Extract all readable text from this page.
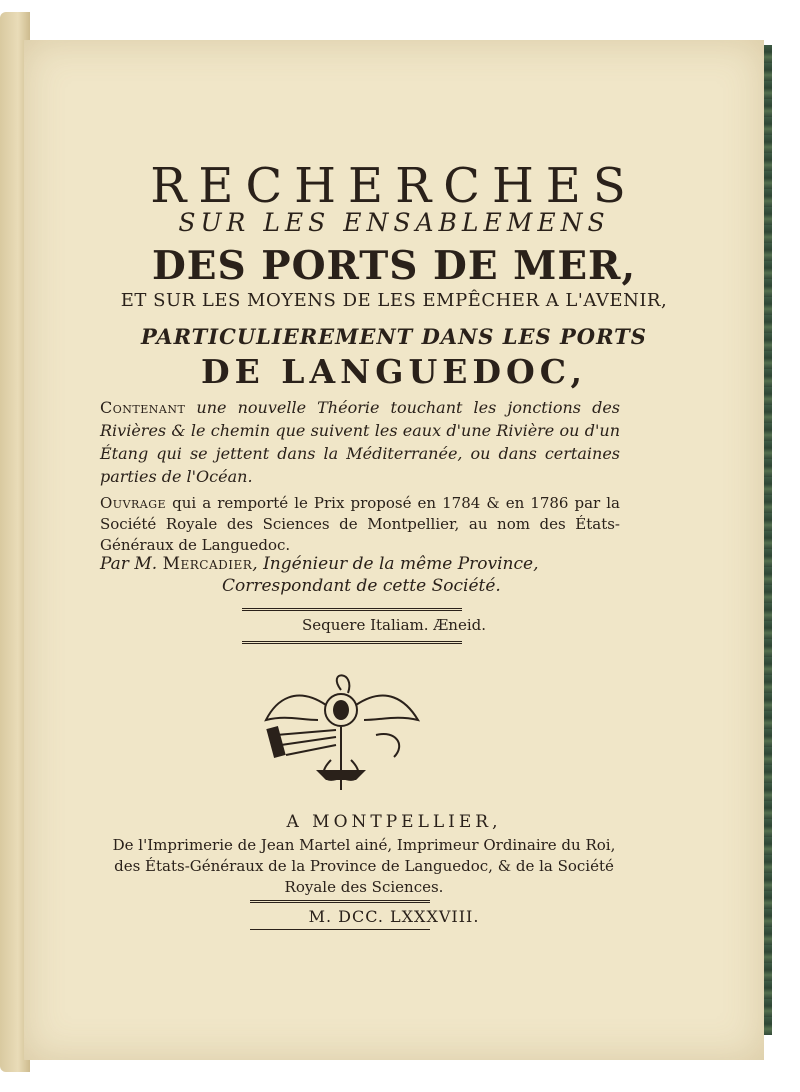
RECHERCHES
SUR LES ENSABLEMENS
DES PORTS DE MER,
ET SUR LES MOYENS DE LES EMPÊCHER A L'AVENIR,
PARTICULIEREMENT DANS LES PORTS
DE LANGUEDOC,
Contenant une nouvelle Théorie touchant les jonctions des Rivières & le chemin que suivent les eaux d'une Rivière ou d'un Étang qui se jettent dans la Méditerranée, ou dans certaines parties de l'Océan.
Ouvrage qui a remporté le Prix proposé en 1784 & en 1786 par la Société Royale des Sciences de Montpellier, au nom des États-Généraux de Languedoc.
Par M. Mercadier, Ingénieur de la même Province,
Correspondant de cette Société.
Sequere Italiam. Æneid.
A MONTPELLIER,
De l'Imprimerie de Jean Martel ainé, Imprimeur Ordinaire du Roi,
des États-Généraux de la Province de Languedoc, & de la Société
Royale des Sciences.
M. DCC. LXXXVIII.
